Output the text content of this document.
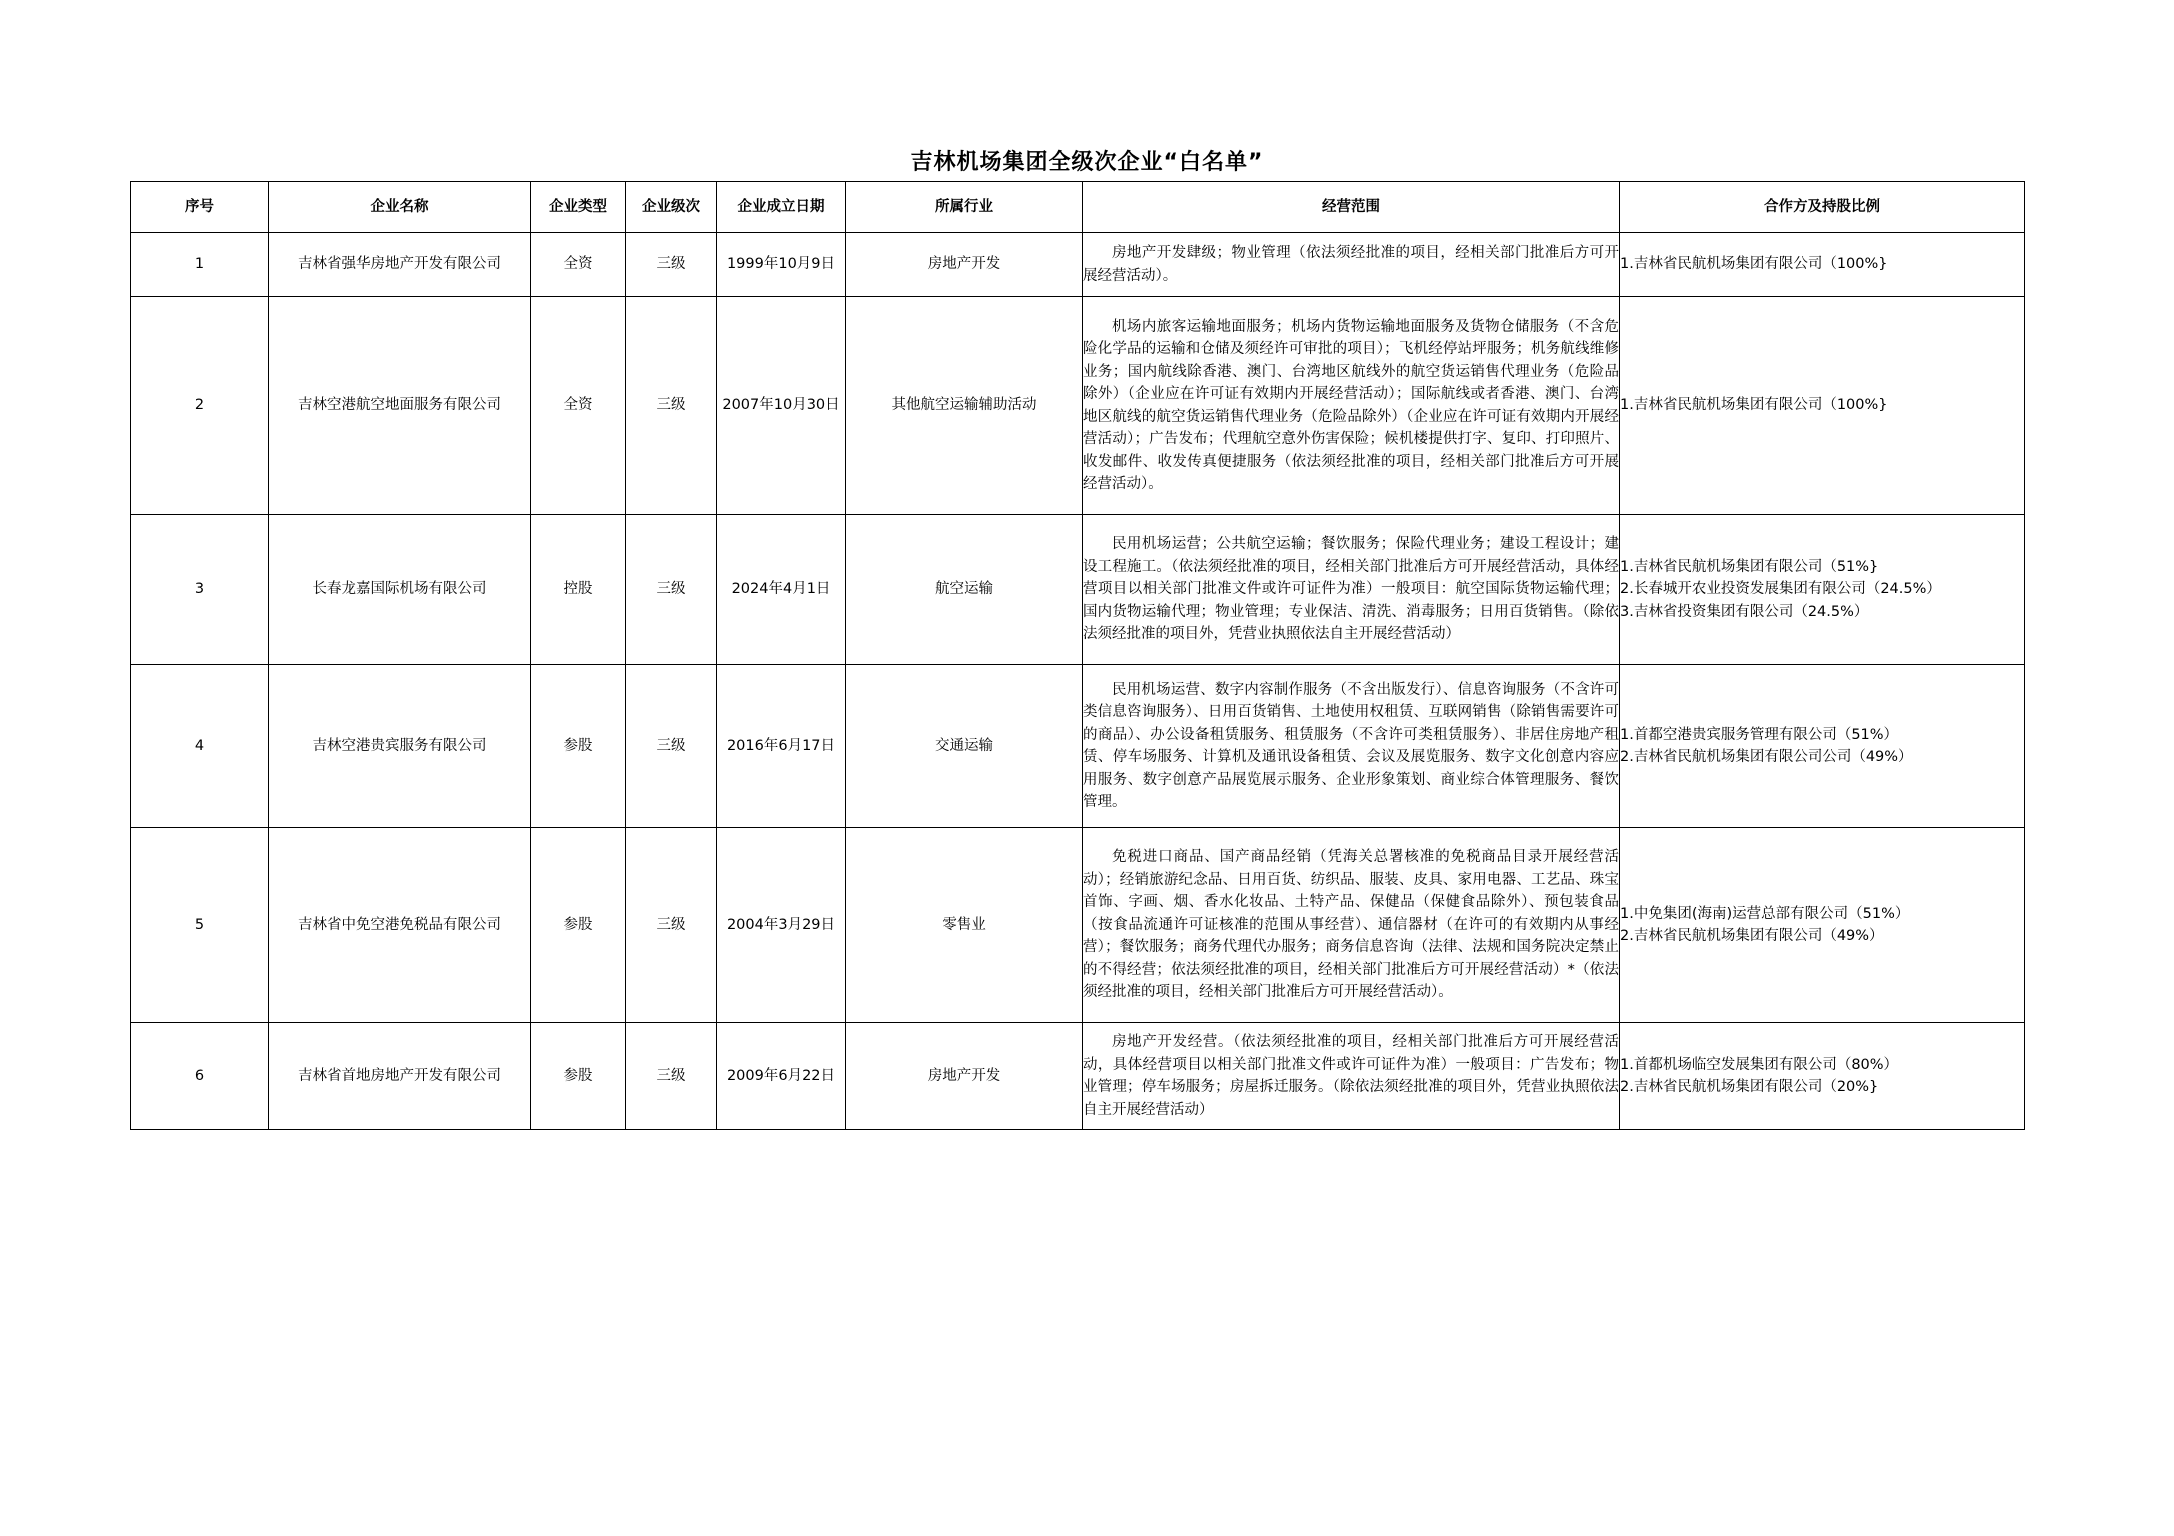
吉林机场集团全级次企业“白名单”
序号	企业名称	企业类型	企业级次	企业成立日期	所属行业	经营范围	合作方及持股比例
1	吉林省强华房地产开发有限公司	全资	三级	1999年10月9日	房地产开发	房地产开发肆级；物业管理（依法须经批准的项目，经相关部门批准后方可开展经营活动）。	1.吉林省民航机场集团有限公司（100%}

2	吉林空港航空地面服务有限公司	全资	三级	2007年10月30日	其他航空运输辅助活动	机场内旅客运输地面服务；机场内货物运输地面服务及货物仓储服务（不含危险化学品的运输和仓储及须经许可审批的项目）；飞机经停站坪服务；机务航线维修业务；国内航线除香港、澳门、台湾地区航线外的航空货运销售代理业务（危险品除外）（企业应在许可证有效期内开展经营活动）；国际航线或者香港、澳门、台湾地区航线的航空货运销售代理业务（危险品除外）（企业应在许可证有效期内开展经营活动）；广告发布；代理航空意外伤害保险；候机楼提供打字、复印、打印照片、收发邮件、收发传真便捷服务（依法须经批准的项目，经相关部门批准后方可开展经营活动）。	1.吉林省民航机场集团有限公司（100%}

3	长春龙嘉国际机场有限公司	控股	三级	2024年4月1日	航空运输	民用机场运营；公共航空运输；餐饮服务；保险代理业务；建设工程设计；建设工程施工。（依法须经批准的项目，经相关部门批准后方可开展经营活动，具体经营项目以相关部门批准文件或许可证件为准）一般项目：航空国际货物运输代理；国内货物运输代理；物业管理；专业保洁、清洗、消毒服务；日用百货销售。（除依法须经批准的项目外，凭营业执照依法自主开展经营活动）	1.吉林省民航机场集团有限公司（51%}
2.长春城开农业投资发展集团有限公司（24.5%）
3.吉林省投资集团有限公司（24.5%）

4	吉林空港贵宾服务有限公司	参股	三级	2016年6月17日	交通运输	民用机场运营、数字内容制作服务（不含出版发行）、信息咨询服务（不含许可类信息咨询服务）、日用百货销售、土地使用权租赁、互联网销售（除销售需要许可的商品）、办公设备租赁服务、租赁服务（不含许可类租赁服务）、非居住房地产租赁、停车场服务、计算机及通讯设备租赁、会议及展览服务、数字文化创意内容应用服务、数字创意产品展览展示服务、企业形象策划、商业综合体管理服务、餐饮管理。	1.首都空港贵宾服务管理有限公司（51%）
2.吉林省民航机场集团有限公司公司（49%）

5	吉林省中免空港免税品有限公司	参股	三级	2004年3月29日	零售业	免税进口商品、国产商品经销（凭海关总署核准的免税商品目录开展经营活动）；经销旅游纪念品、日用百货、纺织品、服装、皮具、家用电器、工艺品、珠宝首饰、字画、烟、香水化妆品、土特产品、保健品（保健食品除外）、预包装食品（按食品流通许可证核准的范围从事经营）、通信器材（在许可的有效期内从事经营）；餐饮服务；商务代理代办服务；商务信息咨询（法律、法规和国务院决定禁止的不得经营；依法须经批准的项目，经相关部门批准后方可开展经营活动）*（依法须经批准的项目，经相关部门批准后方可开展经营活动）。	1.中免集团(海南)运营总部有限公司（51%）
2.吉林省民航机场集团有限公司（49%）

6	吉林省首地房地产开发有限公司	参股	三级	2009年6月22日	房地产开发	房地产开发经营。（依法须经批准的项目，经相关部门批准后方可开展经营活动，具体经营项目以相关部门批准文件或许可证件为准）一般项目：广告发布；物业管理；停车场服务；房屋拆迁服务。（除依法须经批准的项目外，凭营业执照依法自主开展经营活动）	1.首都机场临空发展集团有限公司（80%）
2.吉林省民航机场集团有限公司（20%}
